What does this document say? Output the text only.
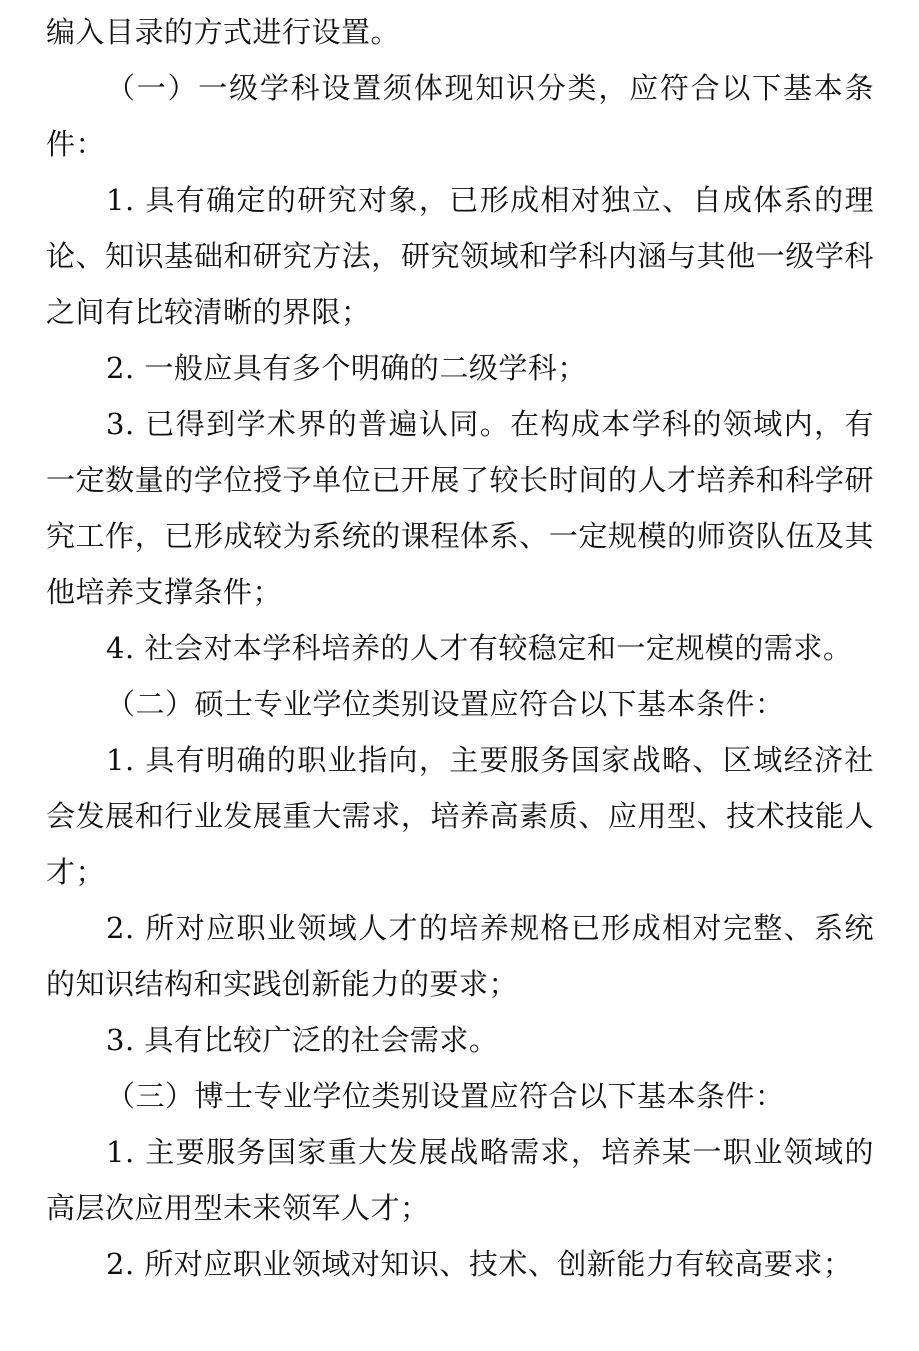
编入目录的方式进行设置。

（一）一级学科设置须体现知识分类，应符合以下基本条件：

1. 具有确定的研究对象，已形成相对独立、自成体系的理论、知识基础和研究方法，研究领域和学科内涵与其他一级学科之间有比较清晰的界限；

2. 一般应具有多个明确的二级学科；

3. 已得到学术界的普遍认同。在构成本学科的领域内，有一定数量的学位授予单位已开展了较长时间的人才培养和科学研究工作，已形成较为系统的课程体系、一定规模的师资队伍及其他培养支撑条件；

4. 社会对本学科培养的人才有较稳定和一定规模的需求。

（二）硕士专业学位类别设置应符合以下基本条件：

1. 具有明确的职业指向，主要服务国家战略、区域经济社会发展和行业发展重大需求，培养高素质、应用型、技术技能人才；

2. 所对应职业领域人才的培养规格已形成相对完整、系统的知识结构和实践创新能力的要求；

3. 具有比较广泛的社会需求。

（三）博士专业学位类别设置应符合以下基本条件：

1. 主要服务国家重大发展战略需求，培养某一职业领域的高层次应用型未来领军人才；

2. 所对应职业领域对知识、技术、创新能力有较高要求；
